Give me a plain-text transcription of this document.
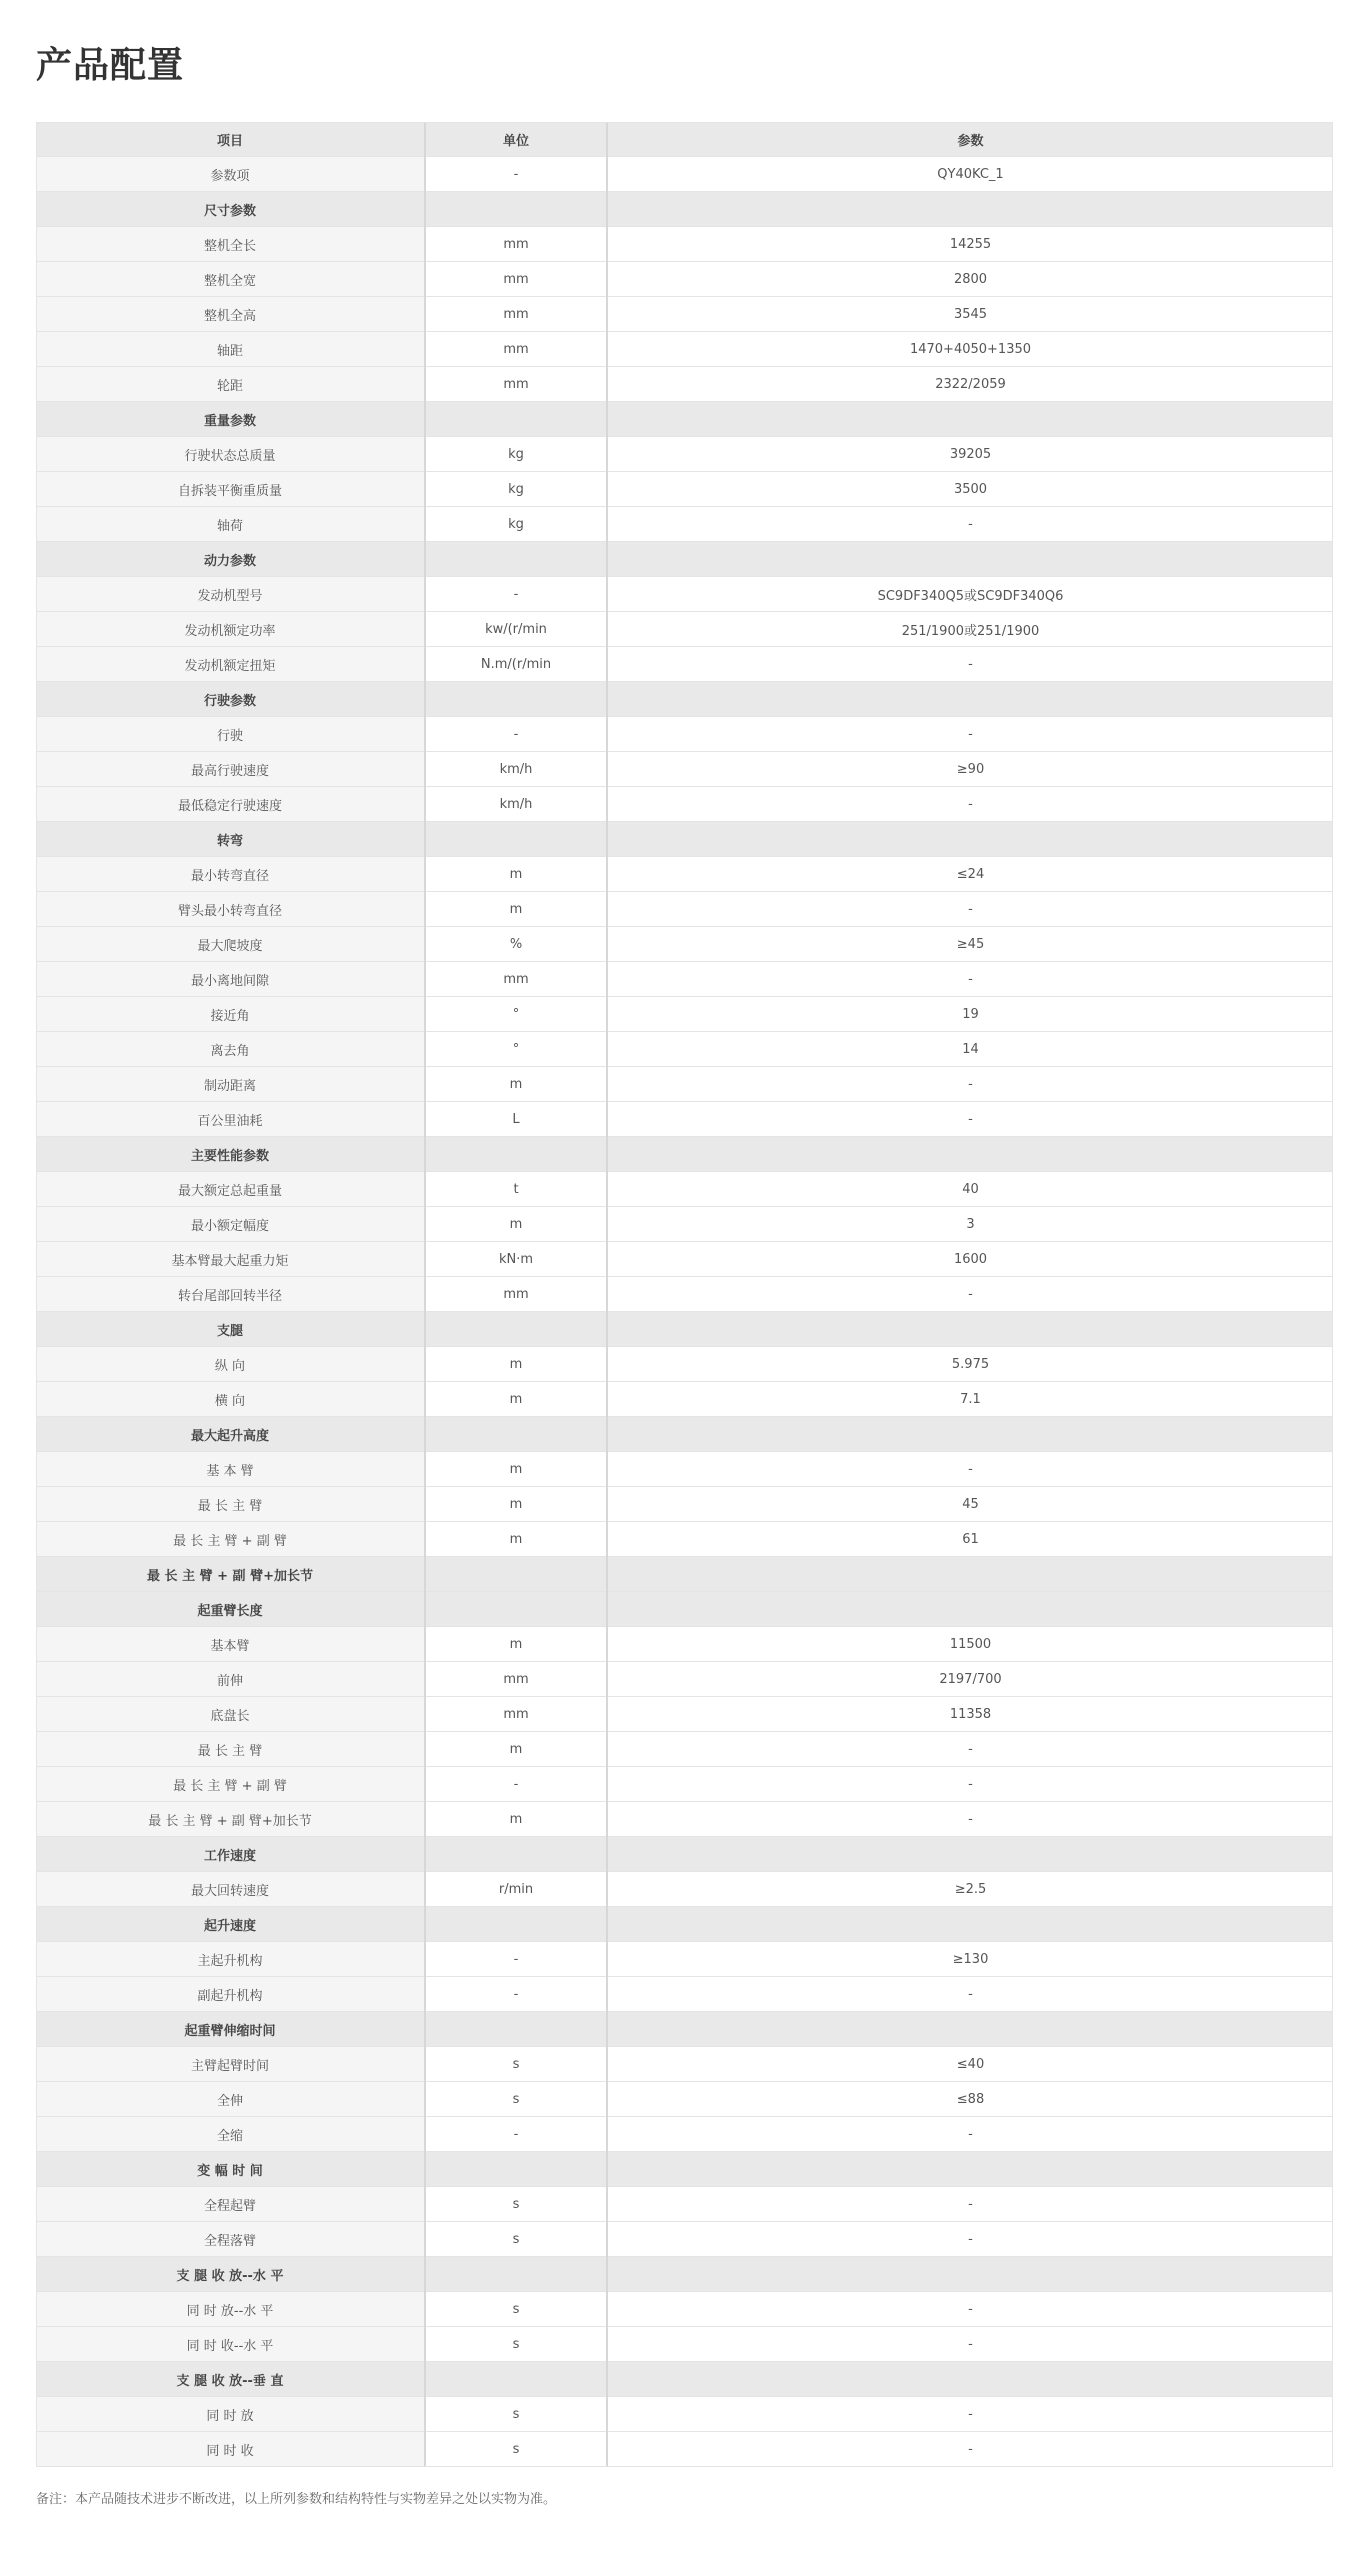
产品配置
项目	单位	参数
参数项	-	QY40KC_1
尺寸参数		
整机全长	mm	14255
整机全宽	mm	2800
整机全高	mm	3545
轴距	mm	1470+4050+1350
轮距	mm	2322/2059
重量参数		
行驶状态总质量	kg	39205
自拆装平衡重质量	kg	3500
轴荷	kg	-
动力参数		
发动机型号	-	SC9DF340Q5或SC9DF340Q6
发动机额定功率	kw/(r/min	251/1900或251/1900
发动机额定扭矩	N.m/(r/min	-
行驶参数		
行驶	-	-
最高行驶速度	km/h	≥90
最低稳定行驶速度	km/h	-
转弯		
最小转弯直径	m	≤24
臂头最小转弯直径	m	-
最大爬坡度	%	≥45
最小离地间隙	mm	-
接近角	°	19
离去角	°	14
制动距离	m	-
百公里油耗	L	-
主要性能参数		
最大额定总起重量	t	40
最小额定幅度	m	3
基本臂最大起重力矩	kN·m	1600
转台尾部回转半径	mm	-
支腿		
纵 向	m	5.975
横 向	m	7.1
最大起升高度		
基 本 臂	m	-
最 长 主 臂	m	45
最 长 主 臂 + 副 臂	m	61
最 长 主 臂 + 副 臂+加长节		
起重臂长度		
基本臂	m	11500
前伸	mm	2197/700
底盘长	mm	11358
最 长 主 臂	m	-
最 长 主 臂 + 副 臂	-	-
最 长 主 臂 + 副 臂+加长节	m	-
工作速度		
最大回转速度	r/min	≥2.5
起升速度		
主起升机构	-	≥130
副起升机构	-	-
起重臂伸缩时间		
主臂起臂时间	s	≤40
全伸	s	≤88
全缩	-	-
变 幅 时 间		
全程起臂	s	-
全程落臂	s	-
支 腿 收 放--水 平		
同 时 放--水 平	s	-
同 时 收--水 平	s	-
支 腿 收 放--垂 直		
同 时 放	s	-
同 时 收	s	-

备注：本产品随技术进步不断改进，以上所列参数和结构特性与实物差异之处以实物为准。
